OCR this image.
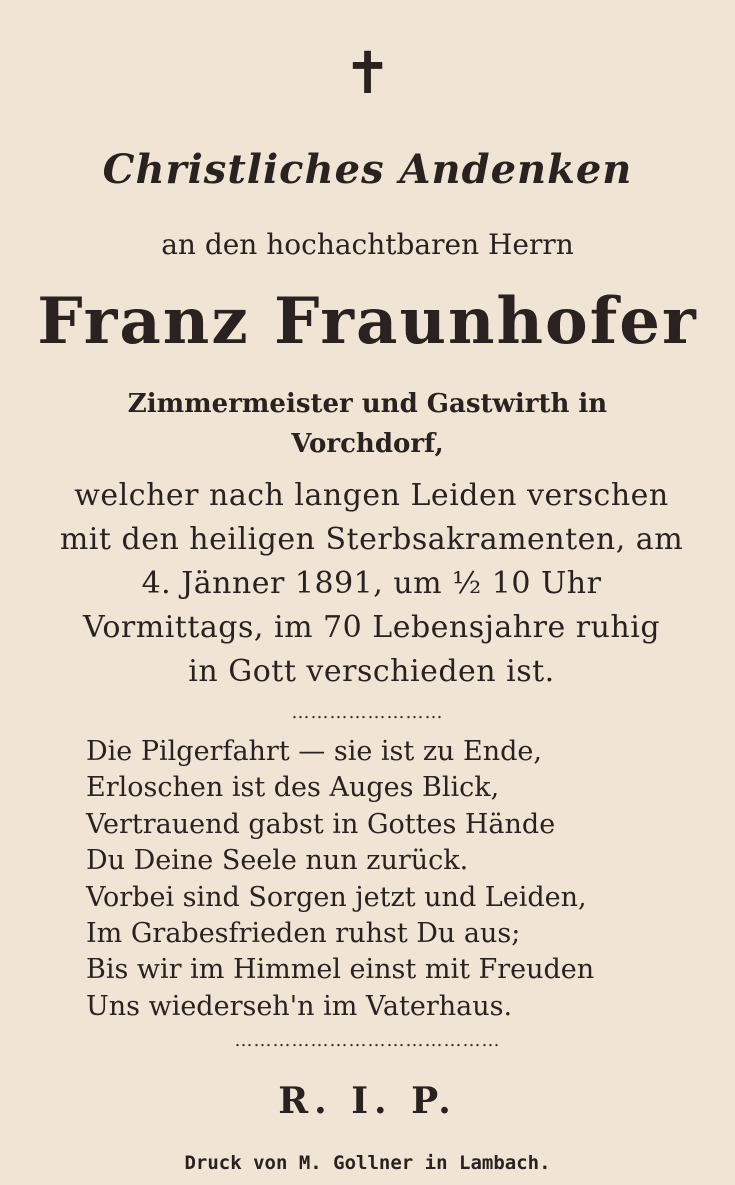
✝
Christliches Andenken
an den hochachtbaren Herrn
Franz Fraunhofer
Zimmermeister und Gastwirth in
Vorchdorf,
welcher nach langen Leiden verschen
mit den heiligen Sterbsakramenten, am
4. Jänner 1891, um ½ 10 Uhr
Vormittags, im 70 Lebensjahre ruhig
in Gott verschieden ist.
……………………
Die Pilgerfahrt — sie ist zu Ende,
Erloschen ist des Auges Blick,
Vertrauend gabst in Gottes Hände
Du Deine Seele nun zurück.
Vorbei sind Sorgen jetzt und Leiden,
Im Grabesfrieden ruhst Du aus;
Bis wir im Himmel einst mit Freuden
Uns wiederseh'n im Vaterhaus.
……………………………………
R. I. P.
Druck von M. Gollner in Lambach.
